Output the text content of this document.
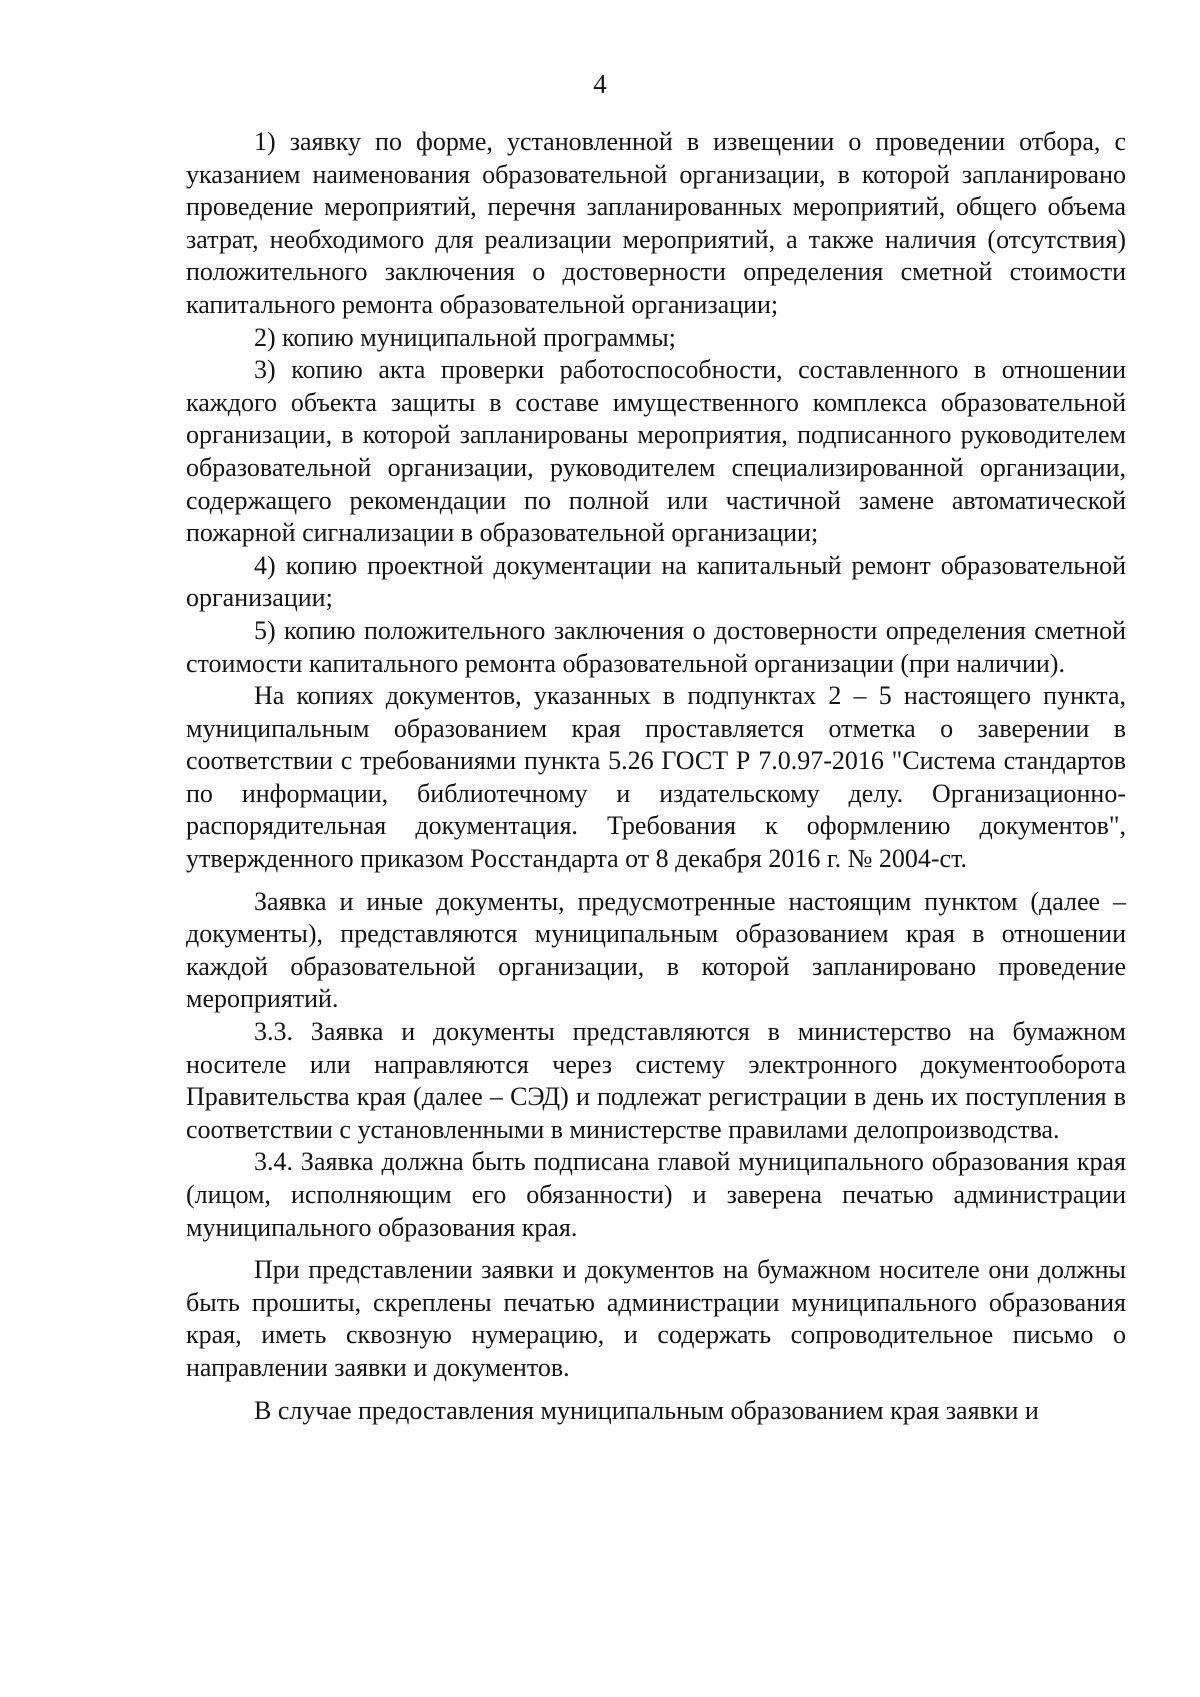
4

1) заявку по форме, установленной в извещении о проведении отбора, с указанием наименования образовательной организации, в которой запланировано проведение мероприятий, перечня запланированных мероприятий, общего объема затрат, необходимого для реализации мероприятий, а также наличия (отсутствия) положительного заключения о достоверности определения сметной стоимости капитального ремонта образовательной организации;

2) копию муниципальной программы;

3) копию акта проверки работоспособности, составленного в отношении каждого объекта защиты в составе имущественного комплекса образовательной организации, в которой запланированы мероприятия, подписанного руководителем образовательной организации, руководителем специализированной организации, содержащего рекомендации по полной или частичной замене автоматической пожарной сигнализации в образовательной организации;

4) копию проектной документации на капитальный ремонт образовательной организации;

5) копию положительного заключения о достоверности определения сметной стоимости капитального ремонта образовательной организации (при наличии).

На копиях документов, указанных в подпунктах 2 – 5 настоящего пункта, муниципальным образованием края проставляется отметка о заверении в соответствии с требованиями пункта 5.26 ГОСТ Р 7.0.97-2016 "Система стандартов по информации, библиотечному и издательскому делу. Организационно-распорядительная документация. Требования к оформлению документов", утвержденного приказом Росстандарта от 8 декабря 2016 г. № 2004-ст.

Заявка и иные документы, предусмотренные настоящим пунктом (далее – документы), представляются муниципальным образованием края в отношении каждой образовательной организации, в которой запланировано проведение мероприятий.

3.3. Заявка и документы представляются в министерство на бумажном носителе или направляются через систему электронного документооборота Правительства края (далее – СЭД) и подлежат регистрации в день их поступления в соответствии с установленными в министерстве правилами делопроизводства.

3.4. Заявка должна быть подписана главой муниципального образования края (лицом, исполняющим его обязанности) и заверена печатью администрации муниципального образования края.

При представлении заявки и документов на бумажном носителе они должны быть прошиты, скреплены печатью администрации муниципального образования края, иметь сквозную нумерацию, и содержать сопроводительное письмо о направлении заявки и документов.

В случае предоставления муниципальным образованием края заявки и
